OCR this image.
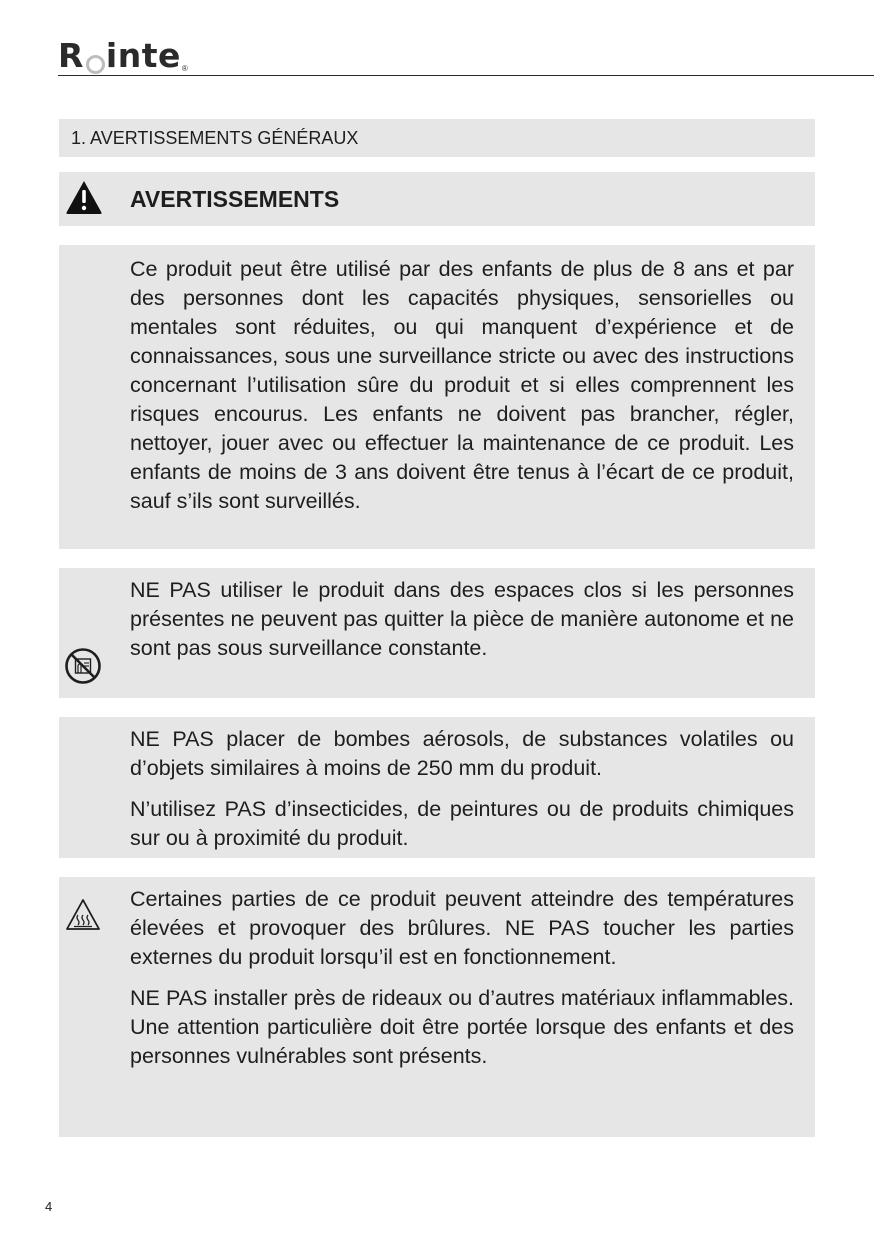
R inte ®
1. AVERTISSEMENTS GÉNÉRAUX
AVERTISSEMENTS

Ce produit peut être utilisé par des enfants de plus de 8 ans et par des personnes dont les capacités physiques, sensorielles ou mentales sont réduites, ou qui manquent d’expérience et de connaissances, sous une surveillance stricte ou avec des instructions concernant l’utilisation sûre du produit et si elles comprennent les risques encourus. Les enfants ne doivent pas brancher, régler, nettoyer, jouer avec ou effectuer la maintenance de ce produit. Les enfants de moins de 3 ans doivent être tenus à l’écart de ce produit, sauf s’ils sont surveillés.

NE PAS utiliser le produit dans des espaces clos si les personnes présentes ne peuvent pas quitter la pièce de manière autonome et ne sont pas sous surveillance constante.

NE PAS placer de bombes aérosols, de substances volatiles ou d’objets similaires à moins de 250 mm du produit.

N’utilisez PAS d’insecticides, de peintures ou de produits chimiques sur ou à proximité du produit.

Certaines parties de ce produit peuvent atteindre des températures élevées et provoquer des brûlures. NE PAS toucher les parties externes du produit lorsqu’il est en fonctionnement.

NE PAS installer près de rideaux ou d’autres matériaux inflammables. Une attention particulière doit être portée lorsque des enfants et des personnes vulnérables sont présents.

4
